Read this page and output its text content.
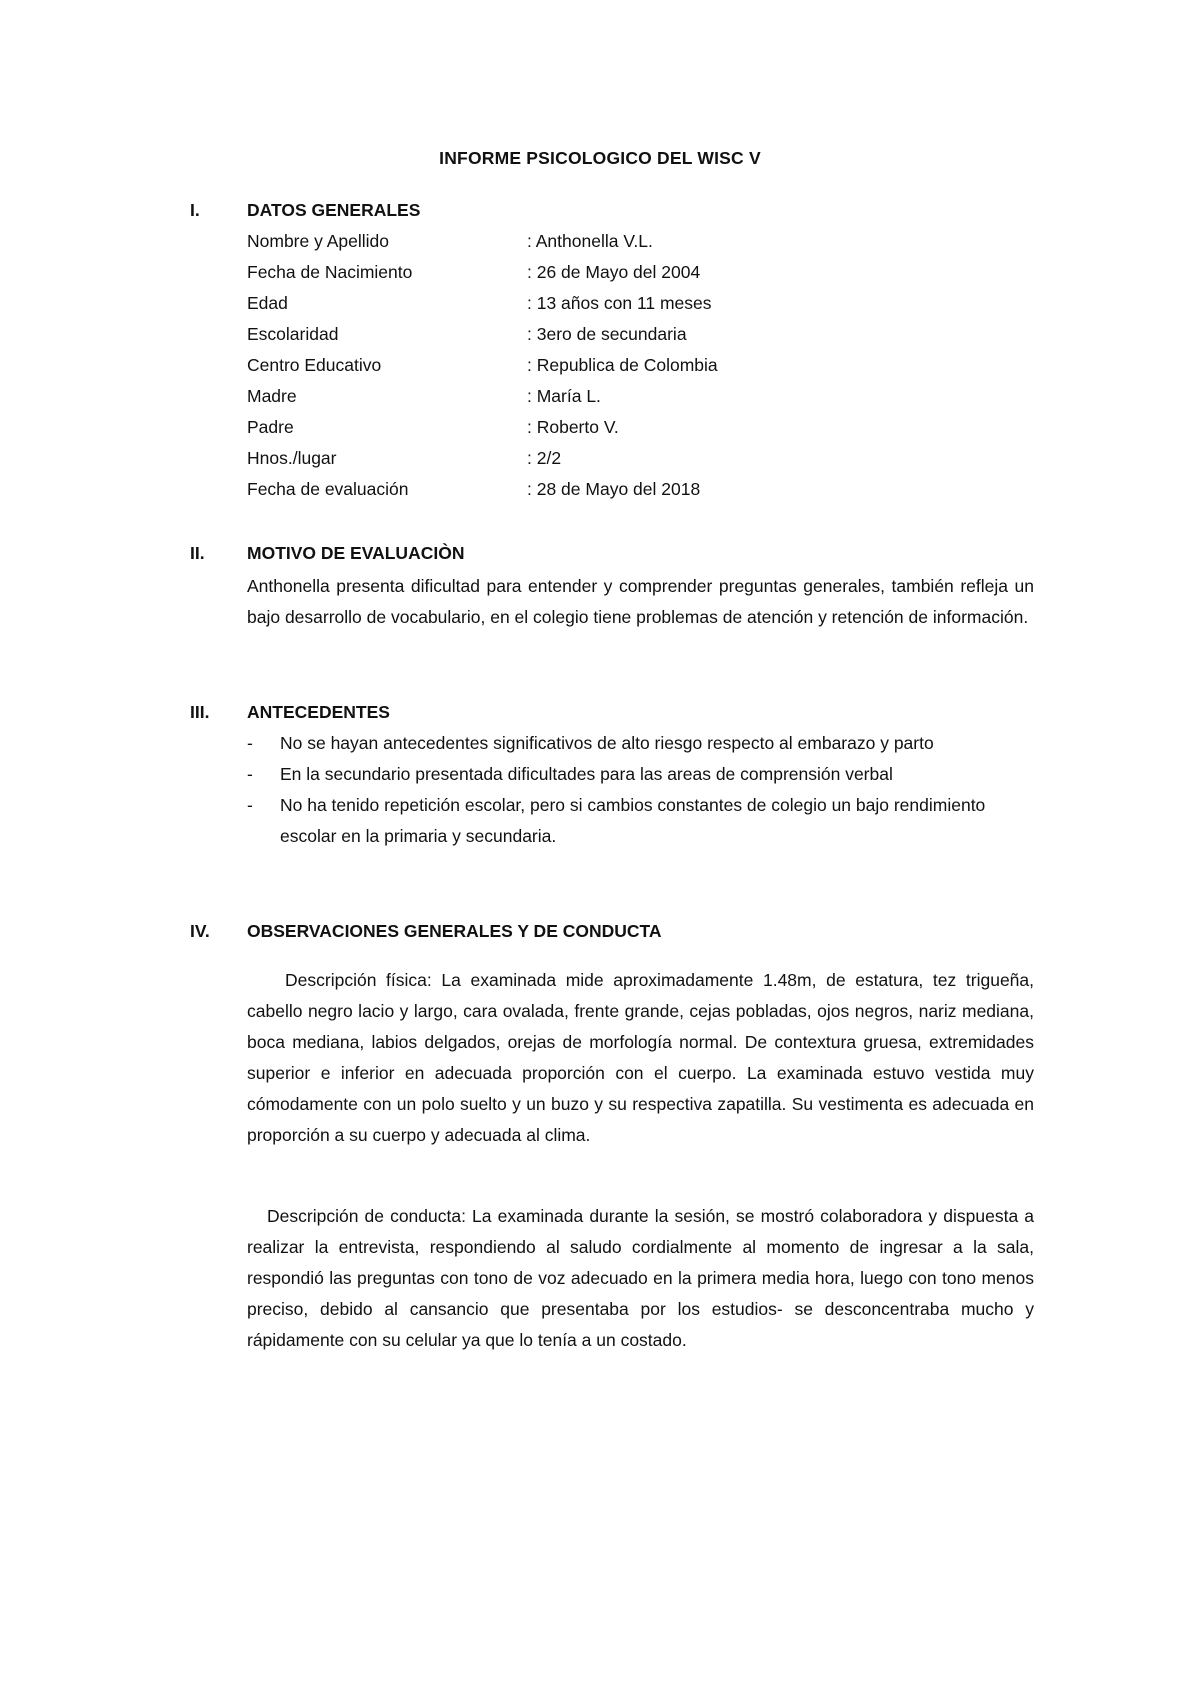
INFORME PSICOLOGICO DEL WISC V
I.	DATOS GENERALES
Nombre y Apellido	: Anthonella V.L.
Fecha de Nacimiento	: 26 de Mayo del 2004
Edad	: 13 años con 11 meses
Escolaridad	: 3ero de secundaria
Centro Educativo	: Republica de Colombia
Madre	: María L.
Padre	: Roberto V.
Hnos./lugar	: 2/2
Fecha de evaluación	: 28 de Mayo del 2018
II. MOTIVO DE EVALUACIÒN

Anthonella presenta dificultad para entender y comprender preguntas generales, también refleja un bajo desarrollo de vocabulario, en el colegio tiene problemas de atención y retención de información.

III. ANTECEDENTES
- No se hayan antecedentes significativos de alto riesgo respecto al embarazo y parto
- En la secundario presentada dificultades para las areas de comprensión verbal
- No ha tenido repetición escolar, pero si cambios constantes de colegio un bajo rendimiento escolar en la primaria y secundaria.
IV. OBSERVACIONES GENERALES Y DE CONDUCTA

Descripción física: La examinada mide aproximadamente 1.48m, de estatura, tez trigueña, cabello negro lacio y largo, cara ovalada, frente grande, cejas pobladas, ojos negros, nariz mediana, boca mediana, labios delgados, orejas de morfología normal. De contextura gruesa, extremidades superior e inferior en adecuada proporción con el cuerpo. La examinada estuvo vestida muy cómodamente con un polo suelto y un buzo y su respectiva zapatilla. Su vestimenta es adecuada en proporción a su cuerpo y adecuada al clima.

Descripción de conducta: La examinada durante la sesión, se mostró colaboradora y dispuesta a realizar la entrevista, respondiendo al saludo cordialmente al momento de ingresar a la sala, respondió las preguntas con tono de voz adecuado en la primera media hora, luego con tono menos preciso, debido al cansancio que presentaba por los estudios- se desconcentraba mucho y rápidamente con su celular ya que lo tenía a un costado.
